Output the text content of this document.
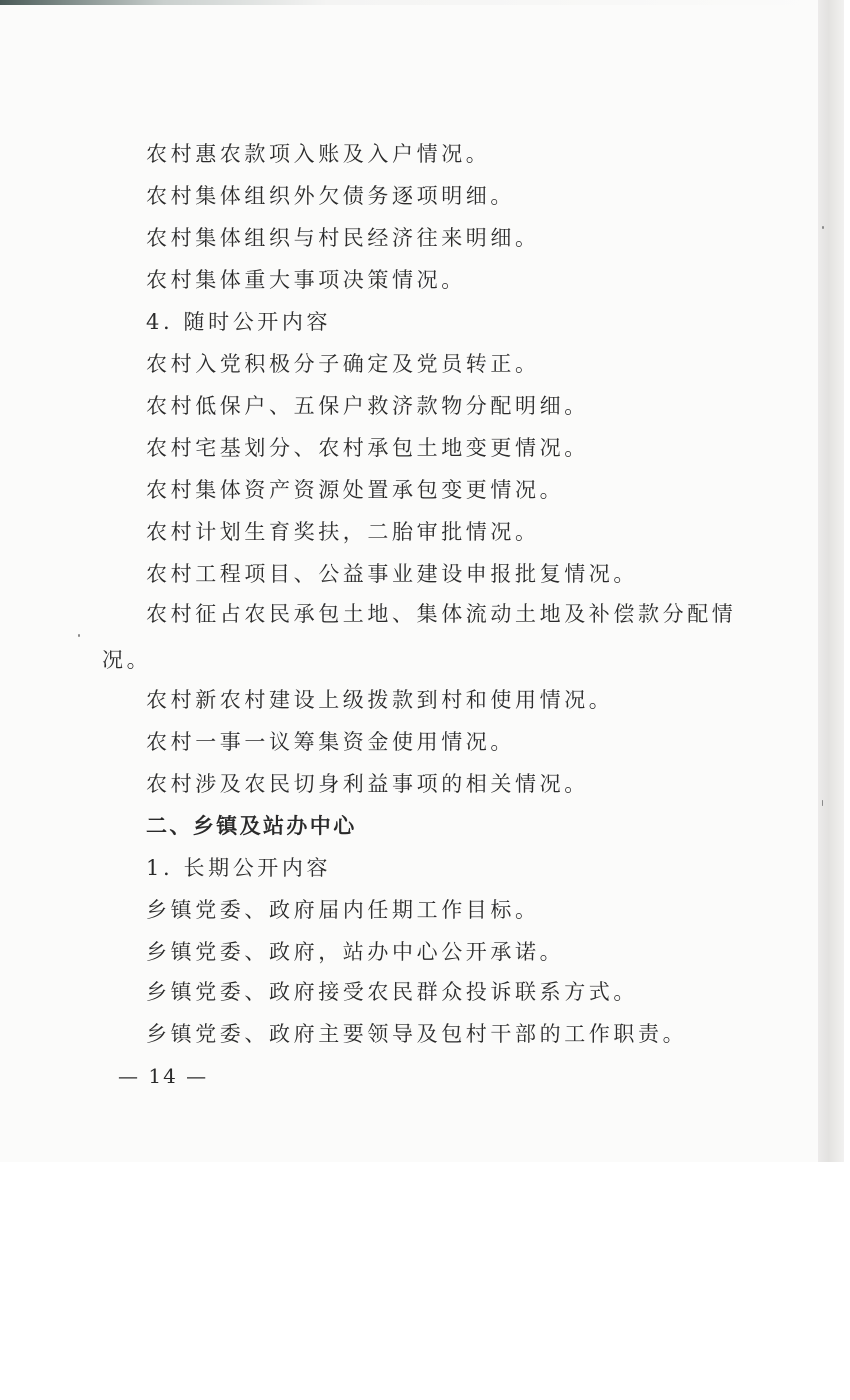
农村惠农款项入账及入户情况。
农村集体组织外欠债务逐项明细。
农村集体组织与村民经济往来明细。
农村集体重大事项决策情况。
4. 随时公开内容
农村入党积极分子确定及党员转正。
农村低保户、五保户救济款物分配明细。
农村宅基划分、农村承包土地变更情况。
农村集体资产资源处置承包变更情况。
农村计划生育奖扶，二胎审批情况。
农村工程项目、公益事业建设申报批复情况。
农村征占农民承包土地、集体流动土地及补偿款分配情
况。
农村新农村建设上级拨款到村和使用情况。
农村一事一议筹集资金使用情况。
农村涉及农民切身利益事项的相关情况。
二、乡镇及站办中心
1. 长期公开内容
乡镇党委、政府届内任期工作目标。
乡镇党委、政府，站办中心公开承诺。
乡镇党委、政府接受农民群众投诉联系方式。
乡镇党委、政府主要领导及包村干部的工作职责。
— 14 —
